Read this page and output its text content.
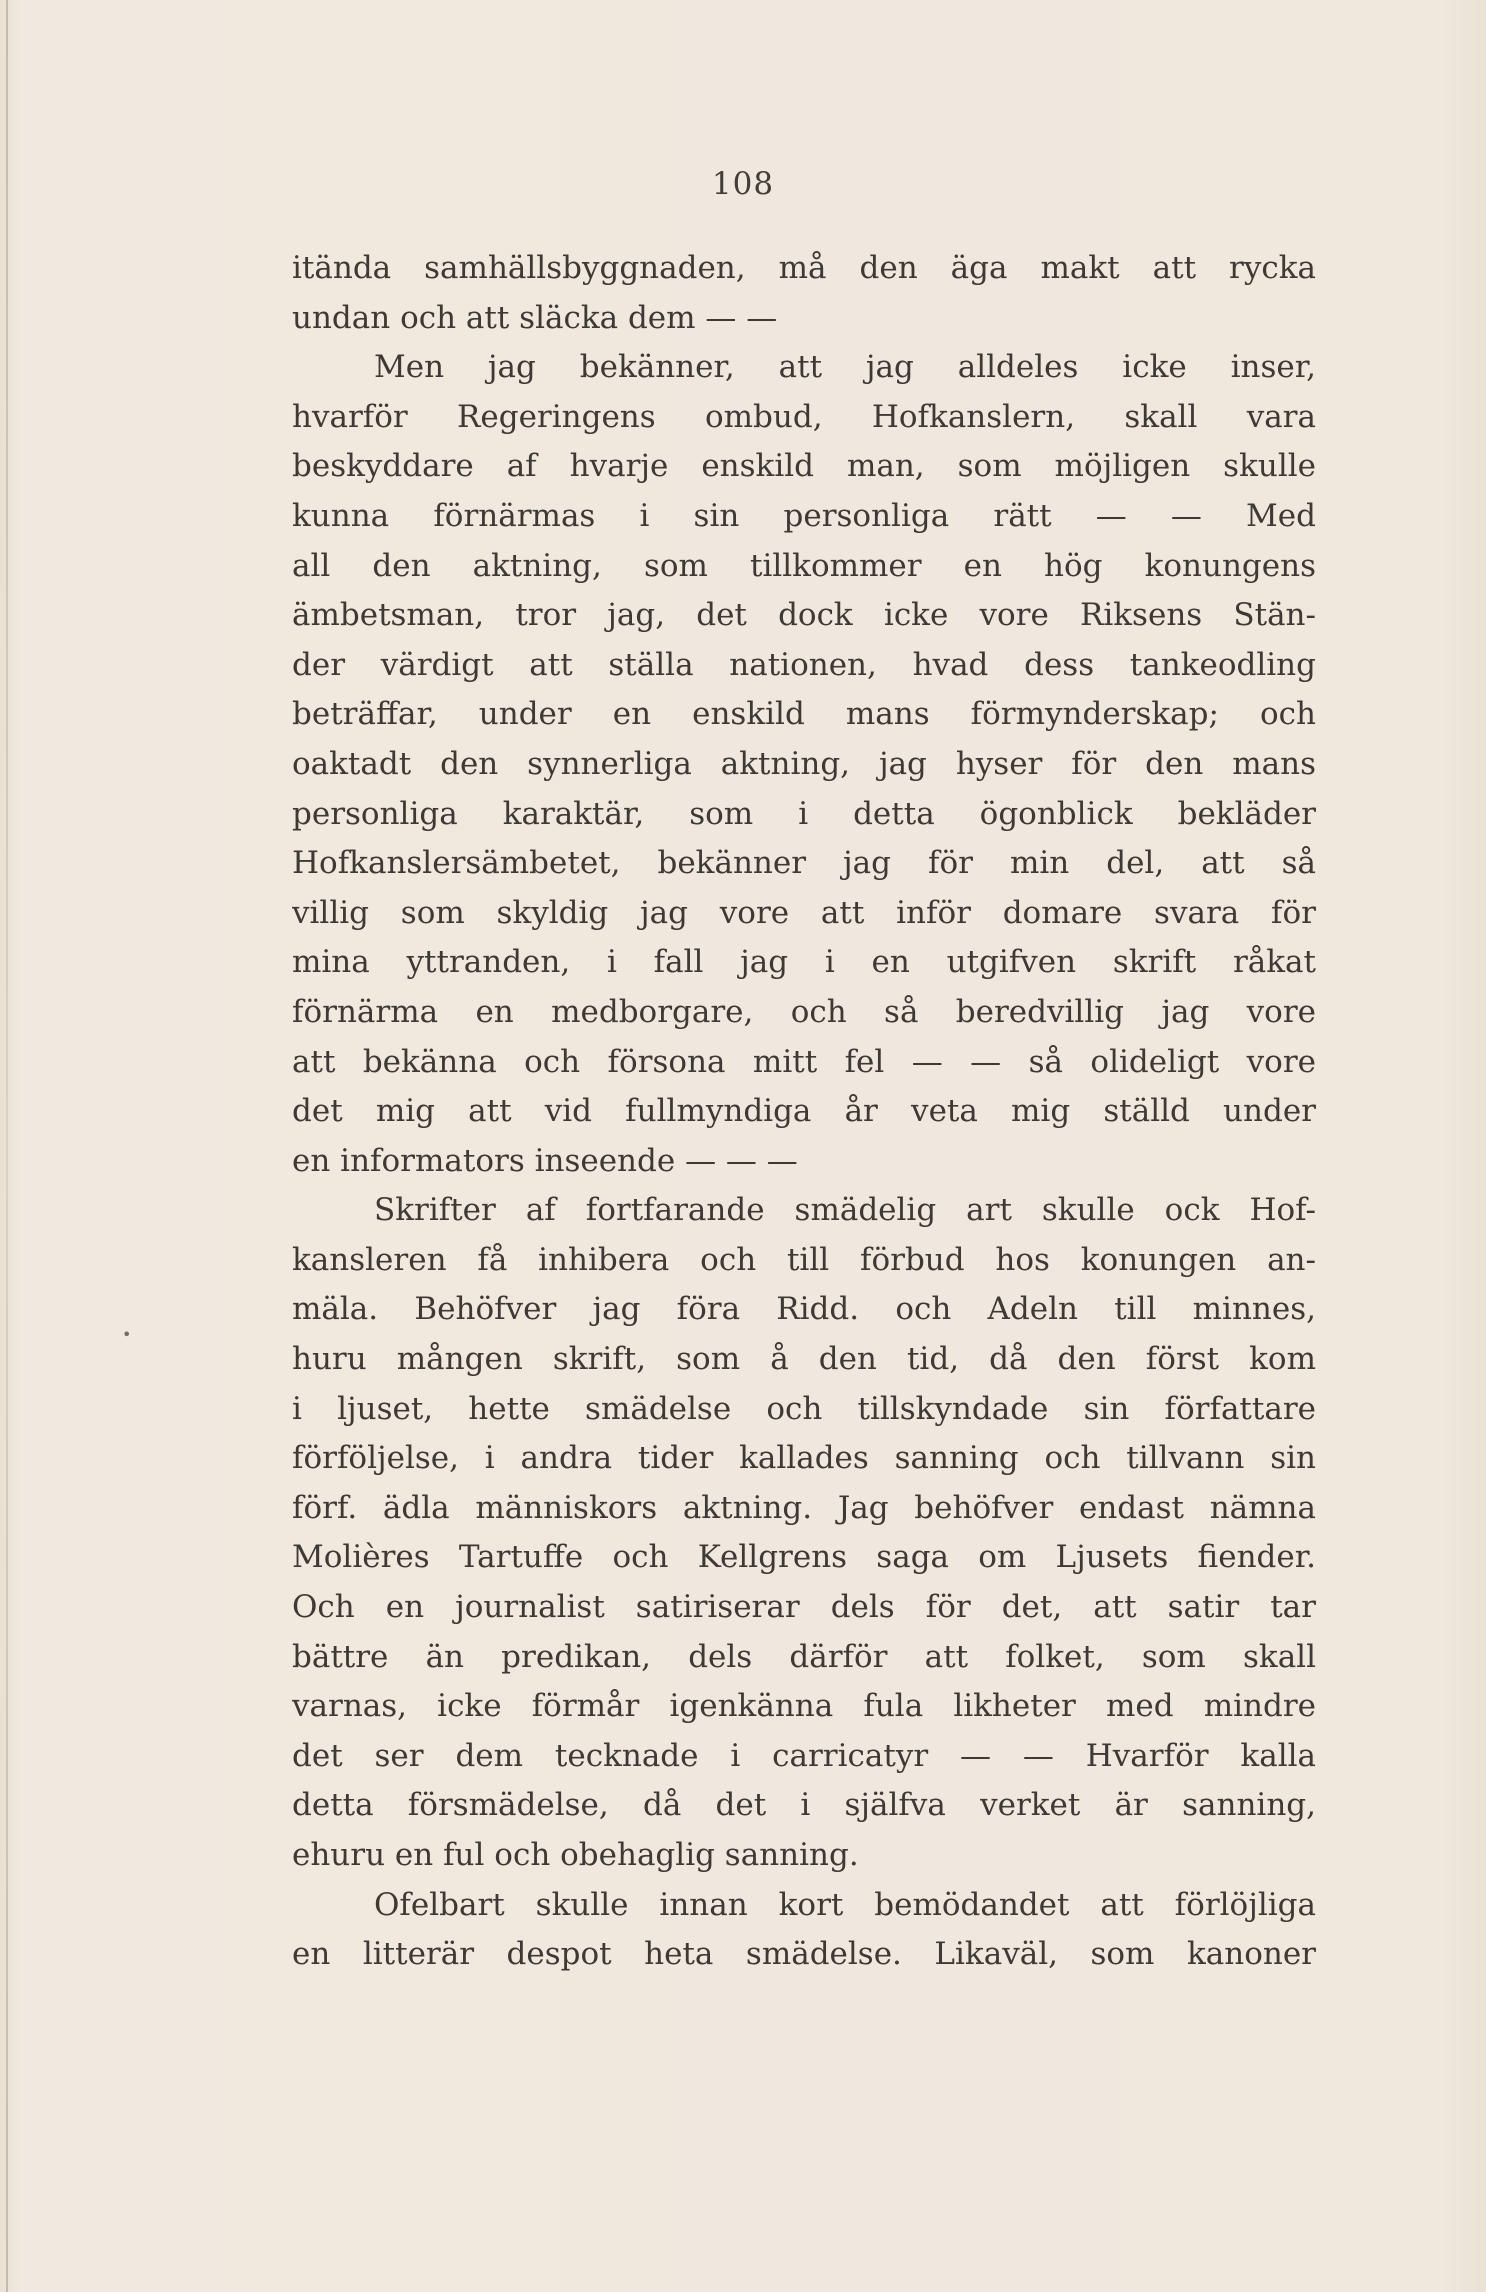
108
itända samhällsbyggnaden, må den äga makt att rycka
undan och att släcka dem — —
Men jag bekänner, att jag alldeles icke inser,
hvarför Regeringens ombud, Hofkanslern, skall vara
beskyddare af hvarje enskild man, som möjligen skulle
kunna förnärmas i sin personliga rätt — — Med
all den aktning, som tillkommer en hög konungens
ämbetsman, tror jag, det dock icke vore Riksens Stän-
der värdigt att ställa nationen, hvad dess tankeodling
beträffar, under en enskild mans förmynderskap; och
oaktadt den synnerliga aktning, jag hyser för den mans
personliga karaktär, som i detta ögonblick bekläder
Hofkanslersämbetet, bekänner jag för min del, att så
villig som skyldig jag vore att inför domare svara för
mina yttranden, i fall jag i en utgifven skrift råkat
förnärma en medborgare, och så beredvillig jag vore
att bekänna och försona mitt fel — — så olideligt vore
det mig att vid fullmyndiga år veta mig ställd under
en informators inseende — — —
Skrifter af fortfarande smädelig art skulle ock Hof-
kansleren få inhibera och till förbud hos konungen an-
mäla. Behöfver jag föra Ridd. och Adeln till minnes,
huru mången skrift, som å den tid, då den först kom
i ljuset, hette smädelse och tillskyndade sin författare
förföljelse, i andra tider kallades sanning och tillvann sin
förf. ädla människors aktning. Jag behöfver endast nämna
Molières Tartuffe och Kellgrens saga om Ljusets fiender.
Och en journalist satiriserar dels för det, att satir tar
bättre än predikan, dels därför att folket, som skall
varnas, icke förmår igenkänna fula likheter med mindre
det ser dem tecknade i carricatyr — — Hvarför kalla
detta försmädelse, då det i själfva verket är sanning,
ehuru en ful och obehaglig sanning.
Ofelbart skulle innan kort bemödandet att förlöjliga
en litterär despot heta smädelse. Likaväl, som kanoner
•
